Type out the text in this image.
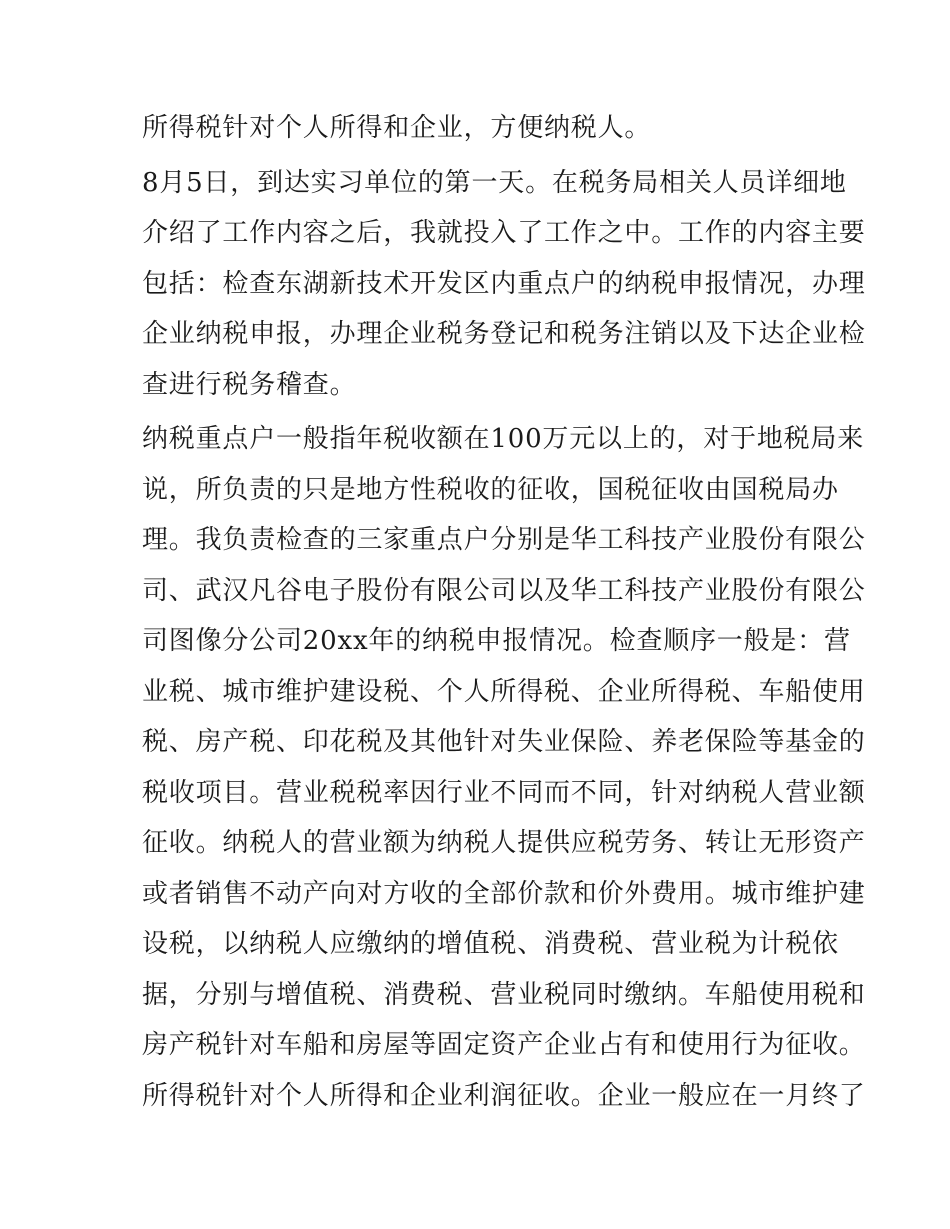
所得税针对个人所得和企业，方便纳税人。
8月5日，到达实习单位的第一天。在税务局相关人员详细地
介绍了工作内容之后，我就投入了工作之中。工作的内容主要
包括：检查东湖新技术开发区内重点户的纳税申报情况，办理
企业纳税申报，办理企业税务登记和税务注销以及下达企业检
查进行税务稽查。
纳税重点户一般指年税收额在100万元以上的，对于地税局来
说，所负责的只是地方性税收的征收，国税征收由国税局办
理。我负责检查的三家重点户分别是华工科技产业股份有限公
司、武汉凡谷电子股份有限公司以及华工科技产业股份有限公
司图像分公司20xx年的纳税申报情况。检查顺序一般是：营
业税、城市维护建设税、个人所得税、企业所得税、车船使用
税、房产税、印花税及其他针对失业保险、养老保险等基金的
税收项目。营业税税率因行业不同而不同，针对纳税人营业额
征收。纳税人的营业额为纳税人提供应税劳务、转让无形资产
或者销售不动产向对方收的全部价款和价外费用。城市维护建
设税，以纳税人应缴纳的增值税、消费税、营业税为计税依
据，分别与增值税、消费税、营业税同时缴纳。车船使用税和
房产税针对车船和房屋等固定资产企业占有和使用行为征收。
所得税针对个人所得和企业利润征收。企业一般应在一月终了
